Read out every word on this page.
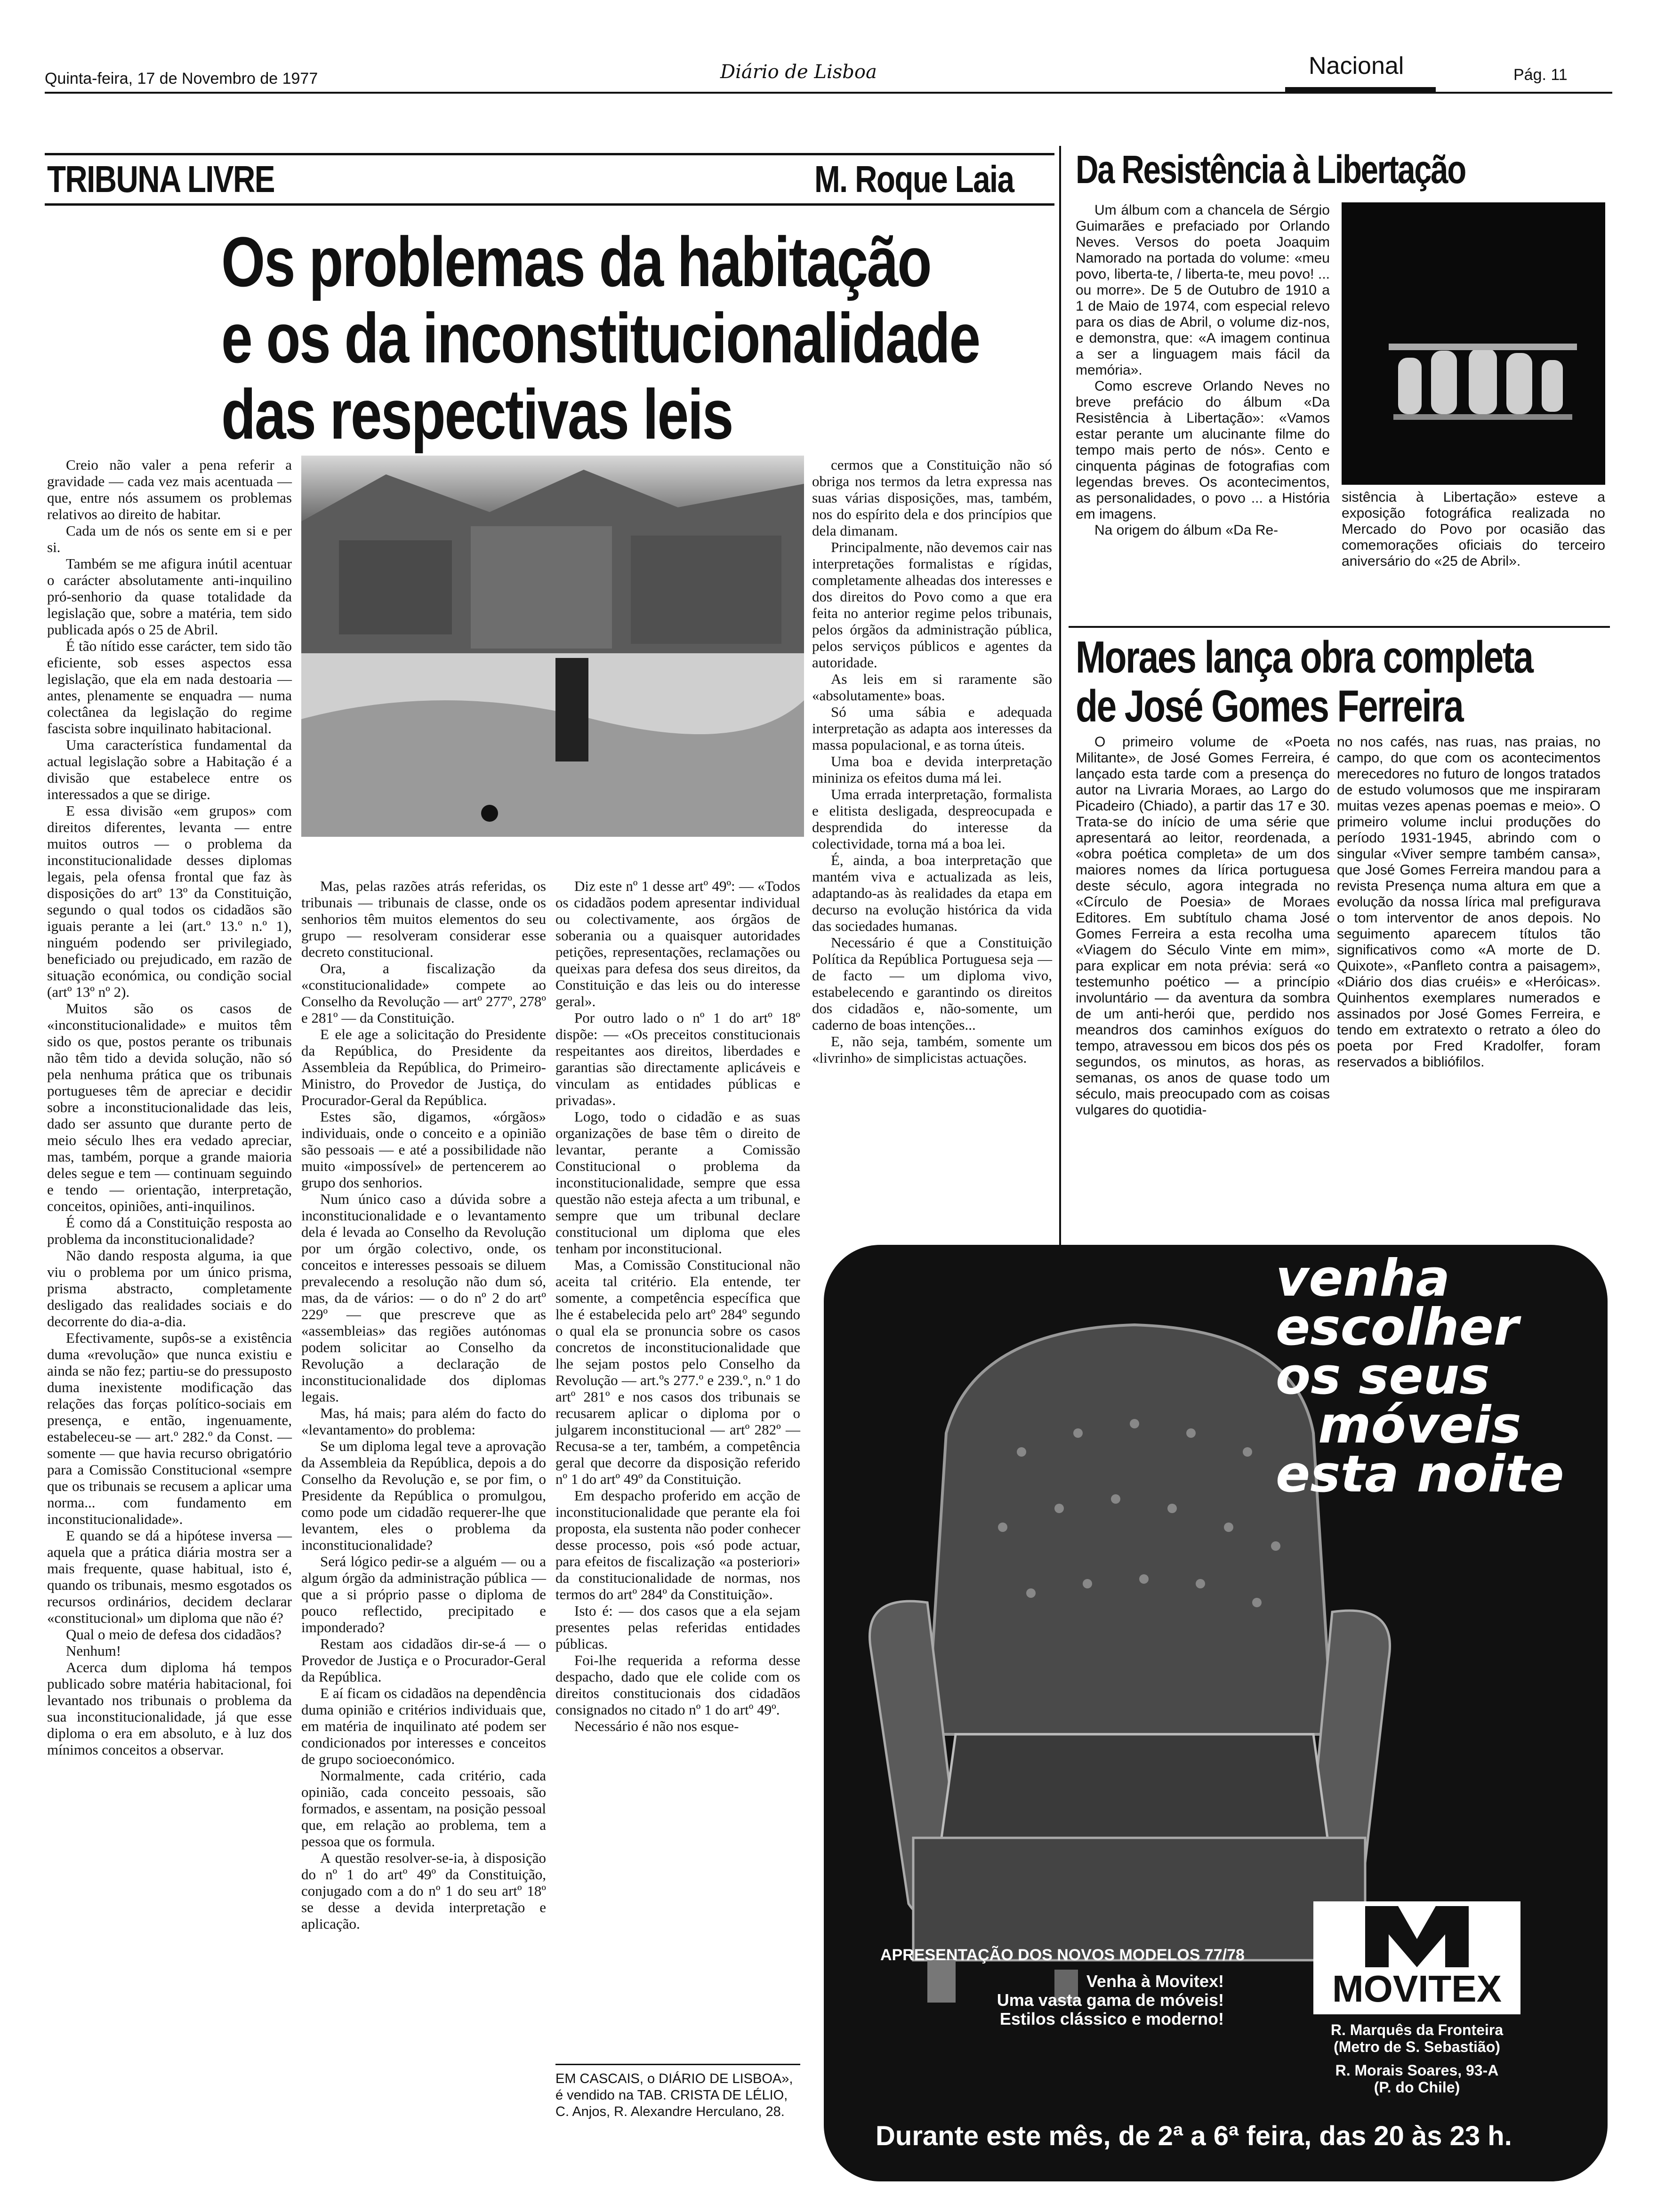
Quinta-feira, 17 de Novembro de 1977	Diário de Lisboa	Nacional	Pág. 11
TRIBUNA LIVRE	M. Roque Laia
Os problemas da habitação
e os da inconstitucionalidade
das respectivas leis

Creio não valer a pena referir a gravidade — cada vez mais acentuada — que, entre nós assumem os problemas relativos ao direito de habitar.

Cada um de nós os sente em si e per si.

Também se me afigura inútil acentuar o carácter absolutamente anti-inquilino pró-senhorio da quase totalidade da legislação que, sobre a matéria, tem sido publicada após o 25 de Abril.

É tão nítido esse carácter, tem sido tão eficiente, sob esses aspectos essa legislação, que ela em nada destoaria — antes, plenamente se enquadra — numa colectânea da legislação do regime fascista sobre inquilinato habitacional.

Uma característica fundamental da actual legislação sobre a Habitação é a divisão que estabelece entre os interessados a que se dirige.

E essa divisão «em grupos» com direitos diferentes, levanta — entre muitos outros — o problema da inconstitucionalidade desses diplomas legais, pela ofensa frontal que faz às disposições do artº 13º da Constituição, segundo o qual todos os cidadãos são iguais perante a lei (art.º 13.º n.º 1), ninguém podendo ser privilegiado, beneficiado ou prejudicado, em razão de situação económica, ou condição social (artº 13º nº 2).

Muitos são os casos de «inconstitucionalidade» e muitos têm sido os que, postos perante os tribunais não têm tido a devida solução, não só pela nenhuma prática que os tribunais portugueses têm de apreciar e decidir sobre a inconstitucionalidade das leis, dado ser assunto que durante perto de meio século lhes era vedado apreciar, mas, também, porque a grande maioria deles segue e tem — continuam seguindo e tendo — orientação, interpretação, conceitos, opiniões, anti-inquilinos.

É como dá a Constituição resposta ao problema da inconstitucionalidade?

Não dando resposta alguma, ia que viu o problema por um único prisma, prisma abstracto, completamente desligado das realidades sociais e do decorrente do dia-a-dia.

Efectivamente, supôs-se a existência duma «revolução» que nunca existiu e ainda se não fez; partiu-se do pressuposto duma inexistente modificação das relações das forças político-sociais em presença, e então, ingenuamente, estabeleceu-se — art.º 282.º da Const. — somente — que havia recurso obrigatório para a Comissão Constitucional «sempre que os tribunais se recusem a aplicar uma norma... com fundamento em inconstitucionalidade».

E quando se dá a hipótese inversa — aquela que a prática diária mostra ser a mais frequente, quase habitual, isto é, quando os tribunais, mesmo esgotados os recursos ordinários, decidem declarar «constitucional» um diploma que não é?

Qual o meio de defesa dos cidadãos?

Nenhum!

Acerca dum diploma há tempos publicado sobre matéria habitacional, foi levantado nos tribunais o problema da sua inconstitucionalidade, já que esse diploma o era em absoluto, e à luz dos mínimos conceitos a observar.

Mas, pelas razões atrás referidas, os tribunais — tribunais de classe, onde os senhorios têm muitos elementos do seu grupo — resolveram considerar esse decreto constitucional.

Ora, a fiscalização da «constitucionalidade» compete ao Conselho da Revolução — artº 277º, 278º e 281º — da Constituição.

E ele age a solicitação do Presidente da República, do Presidente da Assembleia da República, do Primeiro-Ministro, do Provedor de Justiça, do Procurador-Geral da República.

Estes são, digamos, «órgãos» individuais, onde o conceito e a opinião são pessoais — e até a possibilidade não muito «impossível» de pertencerem ao grupo dos senhorios.

Num único caso a dúvida sobre a inconstitucionalidade e o levantamento dela é levada ao Conselho da Revolução por um órgão colectivo, onde, os conceitos e interesses pessoais se diluem prevalecendo a resolução não dum só, mas, da de vários: — o do nº 2 do artº 229º — que prescreve que as «assembleias» das regiões autónomas podem solicitar ao Conselho da Revolução a declaração de inconstitucionalidade dos diplomas legais.

Mas, há mais; para além do facto do «levantamento» do problema:

Se um diploma legal teve a aprovação da Assembleia da República, depois a do Conselho da Revolução e, se por fim, o Presidente da República o promulgou, como pode um cidadão requerer-lhe que levantem, eles o problema da inconstitucionalidade?

Será lógico pedir-se a alguém — ou a algum órgão da administração pública — que a si próprio passe o diploma de pouco reflectido, precipitado e imponderado?

Restam aos cidadãos dir-se-á — o Provedor de Justiça e o Procurador-Geral da República.

E aí ficam os cidadãos na dependência duma opinião e critérios individuais que, em matéria de inquilinato até podem ser condicionados por interesses e conceitos de grupo socioeconómico.

Normalmente, cada critério, cada opinião, cada conceito pessoais, são formados, e assentam, na posição pessoal que, em relação ao problema, tem a pessoa que os formula.

A questão resolver-se-ia, à disposição do nº 1 do artº 49º da Constituição, conjugado com a do nº 1 do seu artº 18º se desse a devida interpretação e aplicação.

Diz este nº 1 desse artº 49º: — «Todos os cidadãos podem apresentar individual ou colectivamente, aos órgãos de soberania ou a quaisquer autoridades petições, representações, reclamações ou queixas para defesa dos seus direitos, da Constituição e das leis ou do interesse geral».

Por outro lado o nº 1 do artº 18º dispõe: — «Os preceitos constitucionais respeitantes aos direitos, liberdades e garantias são directamente aplicáveis e vinculam as entidades públicas e privadas».

Logo, todo o cidadão e as suas organizações de base têm o direito de levantar, perante a Comissão Constitucional o problema da inconstitucionalidade, sempre que essa questão não esteja afecta a um tribunal, e sempre que um tribunal declare constitucional um diploma que eles tenham por inconstitucional.

Mas, a Comissão Constitucional não aceita tal critério. Ela entende, ter somente, a competência específica que lhe é estabelecida pelo artº 284º segundo o qual ela se pronuncia sobre os casos concretos de inconstitucionalidade que lhe sejam postos pelo Conselho da Revolução — art.ºs 277.º e 239.º, n.º 1 do artº 281º e nos casos dos tribunais se recusarem aplicar o diploma por o julgarem inconstitucional — artº 282º — Recusa-se a ter, também, a competência geral que decorre da disposição referido nº 1 do artº 49º da Constituição.

Em despacho proferido em acção de inconstitucionalidade que perante ela foi proposta, ela sustenta não poder conhecer desse processo, pois «só pode actuar, para efeitos de fiscalização «a posteriori» da constitucionalidade de normas, nos termos do artº 284º da Constituição».

Isto é: — dos casos que a ela sejam presentes pelas referidas entidades públicas.

Foi-lhe requerida a reforma desse despacho, dado que ele colide com os direitos constitucionais dos cidadãos consignados no citado nº 1 do artº 49º.

Necessário é não nos esque-

cermos que a Constituição não só obriga nos termos da letra expressa nas suas várias disposições, mas, também, nos do espírito dela e dos princípios que dela dimanam.

Principalmente, não devemos cair nas interpretações formalistas e rígidas, completamente alheadas dos interesses e dos direitos do Povo como a que era feita no anterior regime pelos tribunais, pelos órgãos da administração pública, pelos serviços públicos e agentes da autoridade.

As leis em si raramente são «absolutamente» boas.

Só uma sábia e adequada interpretação as adapta aos interesses da massa populacional, e as torna úteis.

Uma boa e devida interpretação mininiza os efeitos duma má lei.

Uma errada interpretação, formalista e elitista desligada, despreocupada e desprendida do interesse da colectividade, torna má a boa lei.

É, ainda, a boa interpretação que mantém viva e actualizada as leis, adaptando-as às realidades da etapa em decurso na evolução histórica da vida das sociedades humanas.

Necessário é que a Constituição Política da República Portuguesa seja — de facto — um diploma vivo, estabelecendo e garantindo os direitos dos cidadãos e, não-somente, um caderno de boas intenções...

E, não seja, também, somente um «livrinho» de simplicistas actuações.

EM CASCAIS, o DIÁRIO DE LISBOA», é vendido na TAB. CRISTA DE LÉLIO, C. Anjos, R. Alexandre Herculano, 28.
Da Resistência à Libertação

Um álbum com a chancela de Sérgio Guimarães e prefaciado por Orlando Neves. Versos do poeta Joaquim Namorado na portada do volume: «meu povo, liberta-te, / liberta-te, meu povo! ... ou morre». De 5 de Outubro de 1910 a 1 de Maio de 1974, com especial relevo para os dias de Abril, o volume diz-nos, e demonstra, que: «A imagem continua a ser a linguagem mais fácil da memória».

Como escreve Orlando Neves no breve prefácio do álbum «Da Resistência à Libertação»: «Vamos estar perante um alucinante filme do tempo mais perto de nós». Cento e cinquenta páginas de fotografias com legendas breves. Os acontecimentos, as personalidades, o povo ... a História em imagens.

Na origem do álbum «Da Re-

sistência à Libertação» esteve a exposição fotográfica realizada no Mercado do Povo por ocasião das comemorações oficiais do terceiro aniversário do «25 de Abril».
Moraes lança obra completa
de José Gomes Ferreira
O primeiro volume de «Poeta Militante», de José Gomes Ferreira, é lançado esta tarde com a presença do autor na Livraria Moraes, ao Largo do Picadeiro (Chiado), a partir das 17 e 30. Trata-se do início de uma série que apresentará ao leitor, reordenada, a «obra poética completa» de um dos maiores nomes da lírica portuguesa deste século, agora integrada no «Círculo de Poesia» de Moraes Editores. Em subtítulo chama José Gomes Ferreira a esta recolha uma «Viagem do Século Vinte em mim», para explicar em nota prévia: será «o testemunho poético — a princípio involuntário — da aventura da sombra de um anti-herói que, perdido nos meandros dos caminhos exíguos do tempo, atravessou em bicos dos pés os segundos, os minutos, as horas, as semanas, os anos de quase todo um século, mais preocupado com as coisas vulgares do quotidia-
no nos cafés, nas ruas, nas praias, no campo, do que com os acontecimentos merecedores no futuro de longos tratados de estudo volumosos que me inspiraram muitas vezes apenas poemas e meio». O primeiro volume inclui produções do período 1931-1945, abrindo com o singular «Viver sempre também cansa», que José Gomes Ferreira mandou para a revista Presença numa altura em que a evolução da nossa lírica mal prefigurava o tom interventor de anos depois. No seguimento aparecem títulos tão significativos como «A morte de D. Quixote», «Panfleto contra a paisagem», «Diário dos dias cruéis» e «Heróicas». Quinhentos exemplares numerados e assinados por José Gomes Ferreira, e tendo em extratexto o retrato a óleo do poeta por Fred Kradolfer, foram reservados a bibliófilos.
venha
escolher
os seus
móveis
esta noite
APRESENTAÇÃO DOS NOVOS MODELOS 77/78
Venha à Movitex!
Uma vasta gama de móveis!
Estilos clássico e moderno!
MOVITEX
R. Marquês da Fronteira
(Metro de S. Sebastião)
R. Morais Soares, 93-A
(P. do Chile)
Durante este mês, de 2ª a 6ª feira, das 20 às 23 h.
